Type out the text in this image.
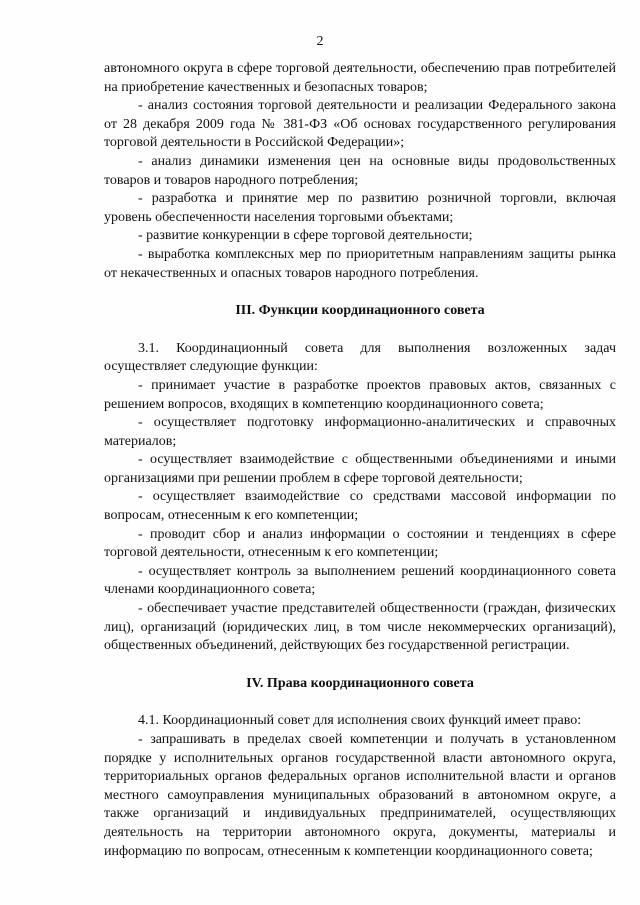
2

автономного округа в сфере торговой деятельности, обеспечению прав потребителей на приобретение качественных и безопасных товаров;

- анализ состояния торговой деятельности и реализации Федерального закона от 28 декабря 2009 года № 381-ФЗ «Об основах государственного регулирования торговой деятельности в Российской Федерации»;

- анализ динамики изменения цен на основные виды продовольственных товаров и товаров народного потребления;

- разработка и принятие мер по развитию розничной торговли, включая уровень обеспеченности населения торговыми объектами;

- развитие конкуренции в сфере торговой деятельности;

- выработка комплексных мер по приоритетным направлениям защиты рынка от некачественных и опасных товаров народного потребления.

III. Функции координационного совета

3.1. Координационный совета для выполнения возложенных задач осуществляет следующие функции:

- принимает участие в разработке проектов правовых актов, связанных с решением вопросов, входящих в компетенцию координационного совета;

- осуществляет подготовку информационно-аналитических и справочных материалов;

- осуществляет взаимодействие с общественными объединениями и иными организациями при решении проблем в сфере торговой деятельности;

- осуществляет взаимодействие со средствами массовой информации по вопросам, отнесенным к его компетенции;

- проводит сбор и анализ информации о состоянии и тенденциях в сфере торговой деятельности, отнесенным к его компетенции;

- осуществляет контроль за выполнением решений координационного совета членами координационного совета;

- обеспечивает участие представителей общественности (граждан, физических лиц), организаций (юридических лиц, в том числе некоммерческих организаций), общественных объединений, действующих без государственной регистрации.

IV. Права координационного совета

4.1. Координационный совет для исполнения своих функций имеет право:

- запрашивать в пределах своей компетенции и получать в установленном порядке у исполнительных органов государственной власти автономного округа, территориальных органов федеральных органов исполнительной власти и органов местного самоуправления муниципальных образований в автономном округе, а также организаций и индивидуальных предпринимателей, осуществляющих деятельность на территории автономного округа, документы, материалы и информацию по вопросам, отнесенным к компетенции координационного совета;
